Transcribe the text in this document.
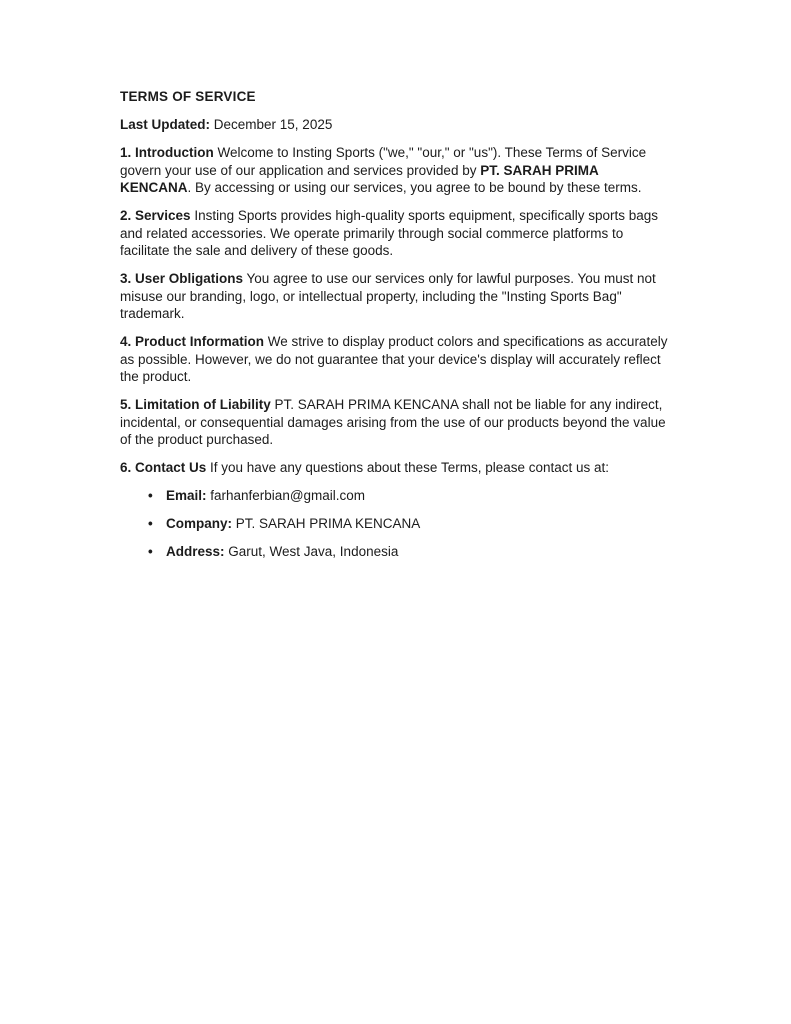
TERMS OF SERVICE

Last Updated: December 15, 2025

1. Introduction Welcome to Insting Sports ("we," "our," or "us"). These Terms of Service govern your use of our application and services provided by PT. SARAH PRIMA KENCANA. By accessing or using our services, you agree to be bound by these terms.

2. Services Insting Sports provides high-quality sports equipment, specifically sports bags and related accessories. We operate primarily through social commerce platforms to facilitate the sale and delivery of these goods.

3. User Obligations You agree to use our services only for lawful purposes. You must not misuse our branding, logo, or intellectual property, including the "Insting Sports Bag" trademark.

4. Product Information We strive to display product colors and specifications as accurately as possible. However, we do not guarantee that your device's display will accurately reflect the product.

5. Limitation of Liability PT. SARAH PRIMA KENCANA shall not be liable for any indirect, incidental, or consequential damages arising from the use of our products beyond the value of the product purchased.

6. Contact Us If you have any questions about these Terms, please contact us at:

• Email: farhanferbian@gmail.com

• Company: PT. SARAH PRIMA KENCANA

• Address: Garut, West Java, Indonesia
